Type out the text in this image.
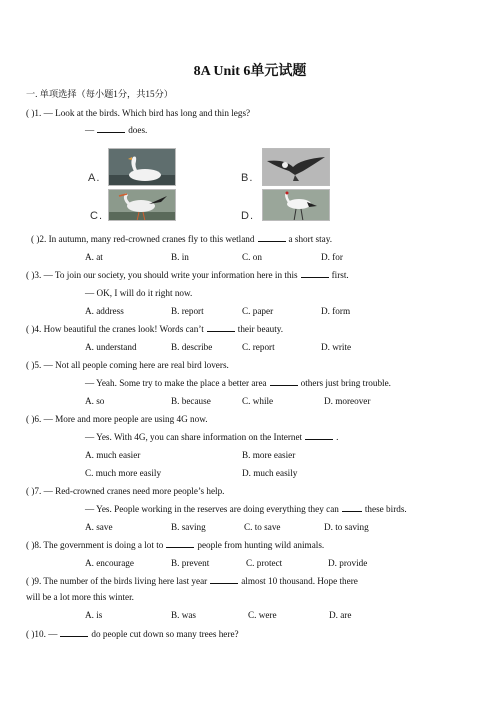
8A Unit 6单元试题
一. 单项选择（每小题1分，共15分）
( )1. — Look at the birds. Which bird has long and thin legs?
—	does.
A.	B.
C.	D.
( )2. In autumn, many red-crowned cranes fly to this wetland	a short stay.
A. at	B. in	C. on	D. for
( )3. — To join our society, you should write your information here in this	first.
— OK, I will do it right now.
A. address	B. report	C. paper	D. form
( )4. How beautiful the cranes look! Words can’t	their beauty.
A. understand	B. describe	C. report	D. write
( )5. — Not all people coming here are real bird lovers.
— Yeah. Some try to make the place a better area	others just bring trouble.
A. so	B. because	C. while	D. moreover
( )6. — More and more people are using 4G now.
— Yes. With 4G, you can share information on the Internet	.
A. much easier	B. more easier
C. much more easily	D. much easily
( )7. — Red-crowned cranes need more people’s help.
— Yes. People working in the reserves are doing everything they can	these birds.
A. save	B. saving	C. to save	D. to saving
( )8. The government is doing a lot to	people from hunting wild animals.
A. encourage	B. prevent	C. protect	D. provide
( )9. The number of the birds living here last year	almost 10 thousand. Hope there
will be a lot more this winter.
A. is	B. was	C. were	D. are
( )10. —	do people cut down so many trees here?
